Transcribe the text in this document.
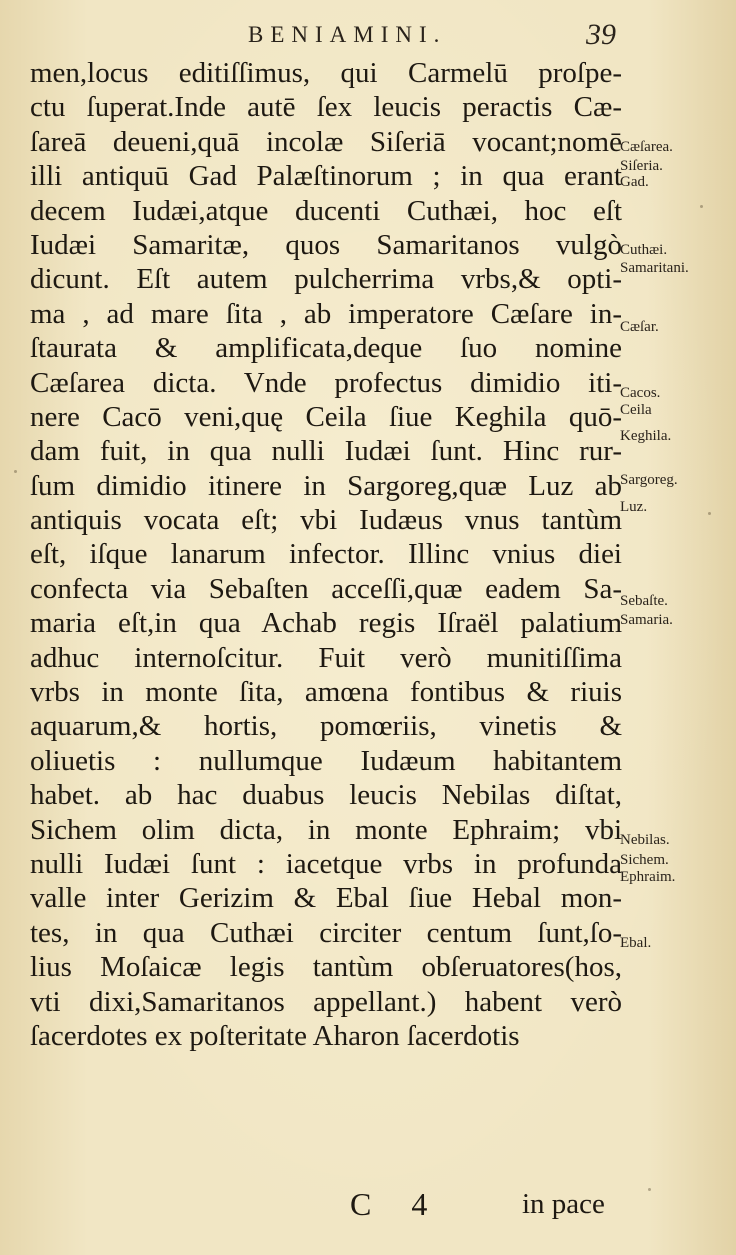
BENIAMINI.	39
men,locus editiſſimus, qui Carmelū proſpe-
ctu ſuperat.Inde autē ſex leucis peractis Cæ-
ſareā deueni,quā incolæ Siſeriā vocant;nomē
illi antiquū Gad Palæſtinorum ; in qua erant
decem Iudæi,atque ducenti Cuthæi, hoc eſt
Iudæi Samaritæ, quos Samaritanos vulgò
dicunt. Eſt autem pulcherrima vrbs,& opti-
ma , ad mare ſita , ab imperatore Cæſare in-
ſtaurata & amplificata,deque ſuo nomine
Cæſarea dicta. Vnde profectus dimidio iti-
nere Cacō veni,quę Ceila ſiue Keghila quō-
dam fuit, in qua nulli Iudæi ſunt. Hinc rur-
ſum dimidio itinere in Sargoreg,quæ Luz ab
antiquis vocata eſt; vbi Iudæus vnus tantùm
eſt, iſque lanarum infector. Illinc vnius diei
confecta via Sebaſten acceſſi,quæ eadem Sa-
maria eſt,in qua Achab regis Iſraël palatium
adhuc internoſcitur. Fuit verò munitiſſima
vrbs in monte ſita, amœna fontibus & riuis
aquarum,& hortis, pomœriis, vinetis &
oliuetis : nullumque Iudæum habitantem
habet. ab hac duabus leucis Nebilas diſtat,
Sichem olim dicta, in monte Ephraim; vbi
nulli Iudæi ſunt : iacetque vrbs in profunda
valle inter Gerizim & Ebal ſiue Hebal mon-
tes, in qua Cuthæi circiter centum ſunt,ſo-
lius Moſaicæ legis tantùm obſeruatores(hos,
vti dixi,Samaritanos appellant.) habent verò
ſacerdotes ex poſteritate Aharon ſacerdotis
Cæſarea.
Siſeria.
Gad.
Cuthæi.
Samaritani.
Cæſar.
Cacos.
Ceila
Keghila.
Sargoreg.
Luz.
Sebaſte.
Samaria.
Nebilas.
Sichem.
Ephraim.
Ebal.
C 4	in pace
